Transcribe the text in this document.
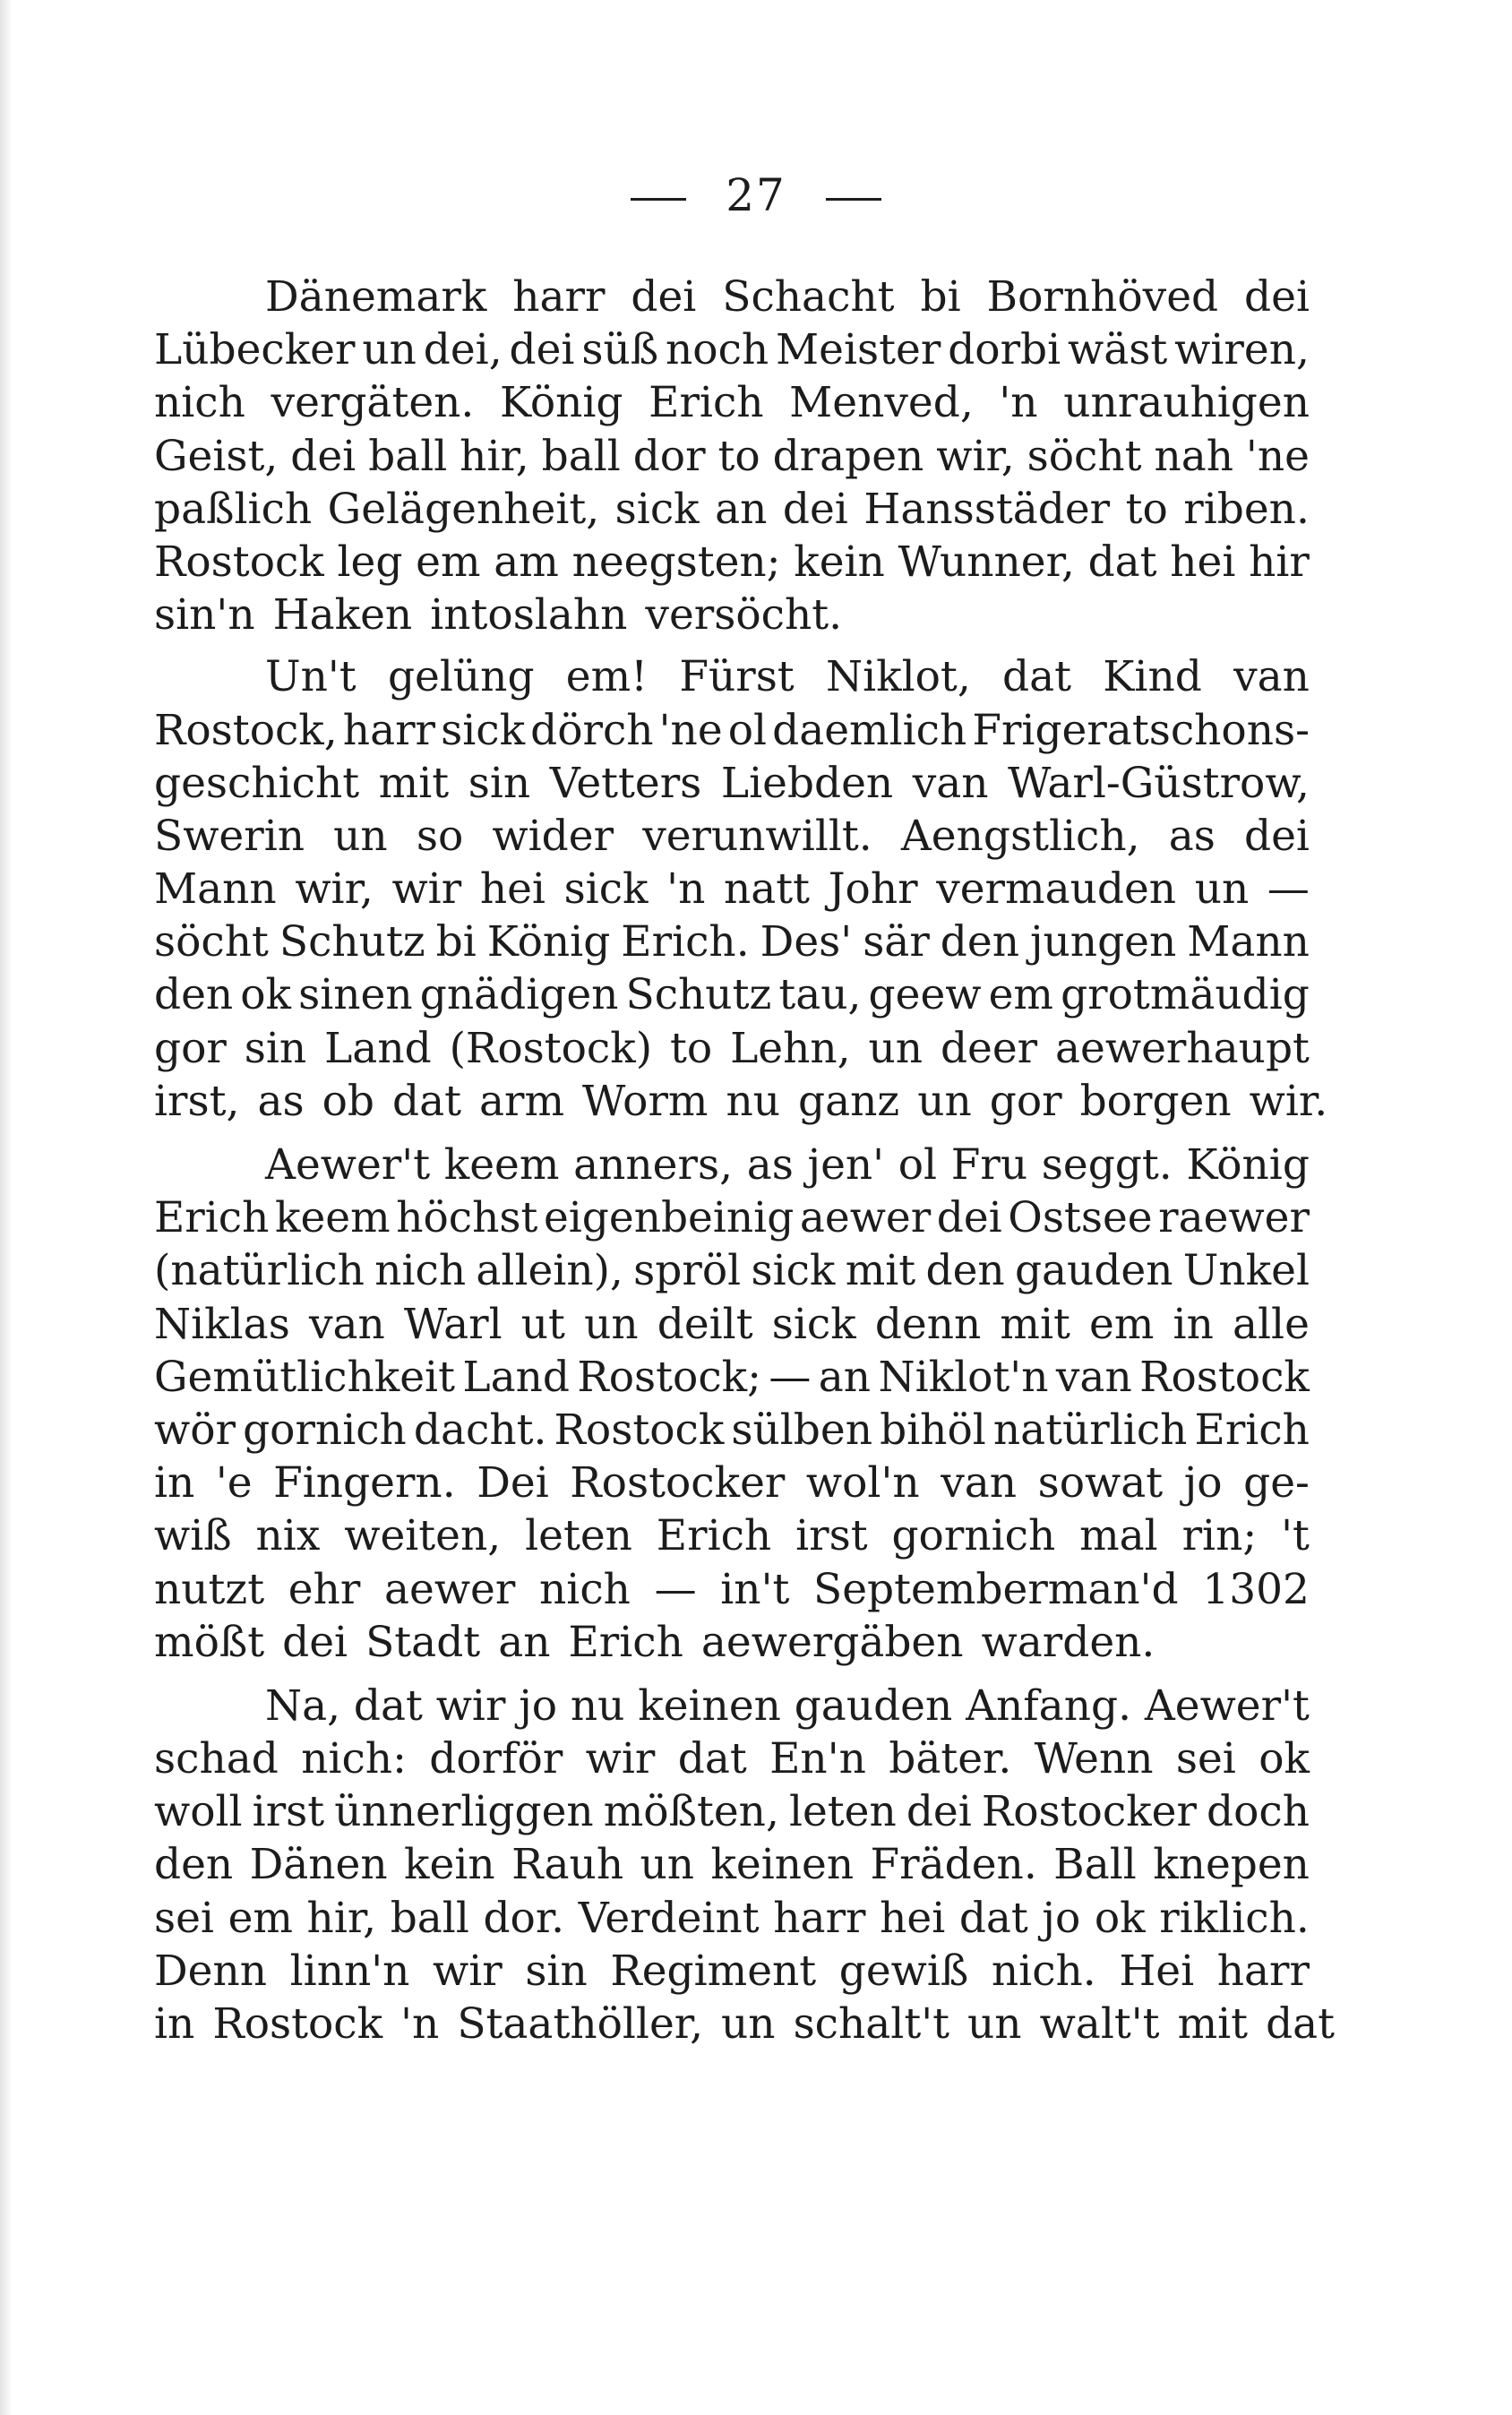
27
Dänemark harr dei Schacht bi Bornhöved dei
Lübecker un dei, dei süß noch Meister dorbi wäst wiren,
nich vergäten. König Erich Menved, 'n unrauhigen
Geist, dei ball hir, ball dor to drapen wir, söcht nah 'ne
paßlich Gelägenheit, sick an dei Hansstäder to riben.
Rostock leg em am neegsten; kein Wunner, dat hei hir
sin'n Haken intoslahn versöcht.
Un't gelüng em! Fürst Niklot, dat Kind van
Rostock, harr sick dörch 'ne ol daemlich Frigeratschons-
geschicht mit sin Vetters Liebden van Warl-Güstrow,
Swerin un so wider verunwillt. Aengstlich, as dei
Mann wir, wir hei sick 'n natt Johr vermauden un —
söcht Schutz bi König Erich. Des' sär den jungen Mann
den ok sinen gnädigen Schutz tau, geew em grotmäudig
gor sin Land (Rostock) to Lehn, un deer aewerhaupt
irst, as ob dat arm Worm nu ganz un gor borgen wir.
Aewer't keem anners, as jen' ol Fru seggt. König
Erich keem höchst eigenbeinig aewer dei Ostsee raewer
(natürlich nich allein), spröl sick mit den gauden Unkel
Niklas van Warl ut un deilt sick denn mit em in alle
Gemütlichkeit Land Rostock; — an Niklot'n van Rostock
wör gornich dacht. Rostock sülben bihöl natürlich Erich
in 'e Fingern. Dei Rostocker wol'n van sowat jo ge-
wiß nix weiten, leten Erich irst gornich mal rin; 't
nutzt ehr aewer nich — in't Septemberman'd 1302
mößt dei Stadt an Erich aewergäben warden.
Na, dat wir jo nu keinen gauden Anfang. Aewer't
schad nich: dorför wir dat En'n bäter. Wenn sei ok
woll irst ünnerliggen mößten, leten dei Rostocker doch
den Dänen kein Rauh un keinen Fräden. Ball knepen
sei em hir, ball dor. Verdeint harr hei dat jo ok riklich.
Denn linn'n wir sin Regiment gewiß nich. Hei harr
in Rostock 'n Staathöller, un schalt't un walt't mit dat
